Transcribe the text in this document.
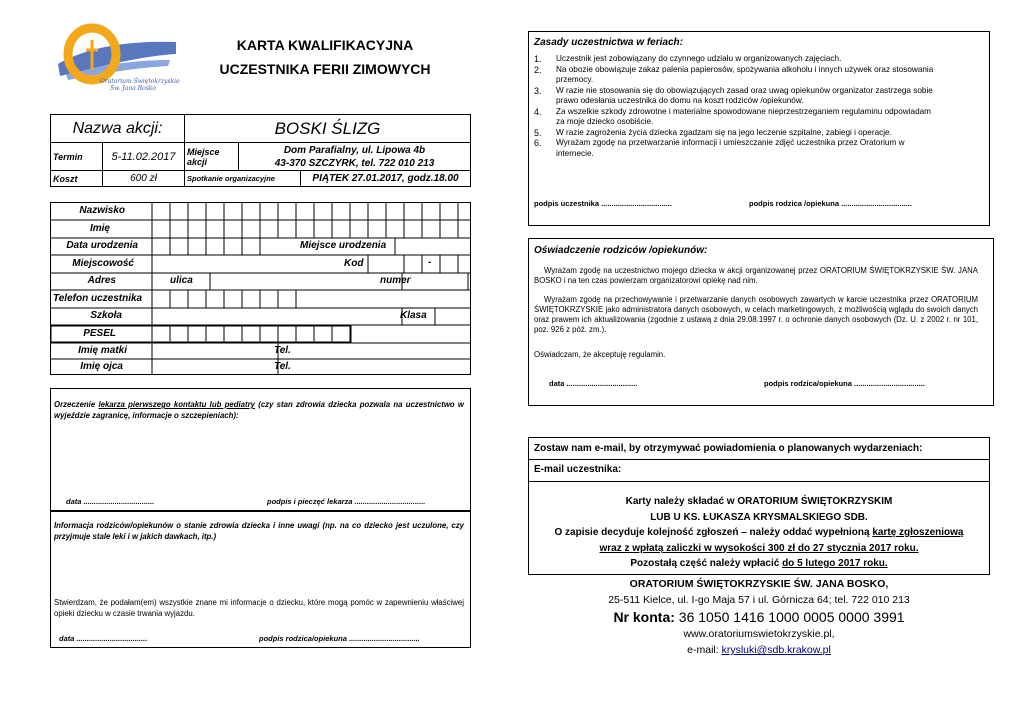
Oratorium Świętokrzyskie
Św. Jana Bosko
KARTA KWALIFIKACYJNA
UCZESTNIKA FERII ZIMOWYCH
Nazwa akcji:		BOSKI ŚLIZG		
Termin	5-11.02.2017	Miejsce akcji	Dom Parafialny, ul. Lipowa 4b
43-370 SZCZYRK, tel. 722 010 213	

Koszt	600 zł	Spotkanie organizacyjne		PIĄTEK 27.01.2017, godz.18.00
Nazwisko
Imię
Data urodzenia	Miejsce urodzenia
Miejscowość	Kod	-
Adres	ulica	numer
Telefon uczestnika
Szkoła	Klasa
PESEL
Imię matki	Tel.
Imię ojca	Tel.
Orzeczenie lekarza pierwszego kontaktu lub pediatry (czy stan zdrowia dziecka pozwala na uczestnictwo w wyjeździe zagranicę, informacje o szczepieniach):
data ..................................	podpis i pieczęć lekarza ..................................
Informacja rodziców/opiekunów o stanie zdrowia dziecka i inne uwagi (np. na co dziecko jest uczulone, czy przyjmuje stale leki i w jakich dawkach, itp.)
Stwierdzam, że podałam(em) wszystkie znane mi informacje o dziecku, które mogą pomóc w zapewnieniu właściwej opieki dziecku w czasie trwania wyjazdu.
data ..................................	podpis rodzica/opiekuna ..................................
Zasady uczestnictwa w feriach:
1. Uczestnik jest zobowiązany do czynnego udziału w organizowanych zajęciach.
2. Na obozie obowiązuje zakaz palenia papierosów, spożywania alkoholu i innych używek oraz stosowania przemocy.
3. W razie nie stosowania się do obowiązujących zasad oraz uwag opiekunów organizator zastrzega sobie prawo odesłania uczestnika do domu na koszt rodziców /opiekunów.
4. Za wszelkie szkody zdrowotne i materialne spowodowane nieprzestrzeganiem regulaminu odpowiadam za moje dziecko osobiście.
5. W razie zagrożenia życia dziecka zgadzam się na jego leczenie szpitalne, zabiegi i operacje.
6. Wyrażam zgodę na przetwarzanie informacji i umieszczanie zdjęć uczestnika przez Oratorium w internecie.
podpis uczestnika ..................................	podpis rodzica /opiekuna ..................................
Oświadczenie rodziców /opiekunów:
Wyrażam zgodę na uczestnictwo mojego dziecka w akcji organizowanej przez ORATORIUM ŚWIĘTOKRZYSKIE ŚW. JANA BOSKO i na ten czas powierzam organizatorowi opiekę nad nim.
Wyrażam zgodę na przechowywanie i przetwarzanie danych osobowych zawartych w karcie uczestnika przez ORATORIUM ŚWIĘTOKRZYSKIE jako administratora danych osobowych, w celach marketingowych, z możliwością wglądu do swoich danych oraz prawem ich aktualizowania (zgodnie z ustawą z dnia 29.08.1997 r. o ochronie danych osobowych (Dz. U. z 2002 r. nr 101, poz. 926 z póź. zm.).
Oświadczam, że akceptuję regulamin.
data ..................................	podpis rodzica/opiekuna ..................................
Zostaw nam e-mail, by otrzymywać powiadomienia o planowanych wydarzeniach:
E-mail uczestnika:
Karty należy składać w ORATORIUM ŚWIĘTOKRZYSKIM
LUB U KS. ŁUKASZA KRYSMALSKIEGO SDB.
O zapisie decyduje kolejność zgłoszeń – należy oddać wypełnioną kartę zgłoszeniową
wraz z wpłatą zaliczki w wysokości 300 zł do 27 stycznia 2017 roku.
Pozostałą część należy wpłacić do 5 lutego 2017 roku.
ORATORIUM ŚWIĘTOKRZYSKIE ŚW. JANA BOSKO,
25-511 Kielce, ul. I-go Maja 57 i ul. Górnicza 64; tel. 722 010 213
Nr konta: 36 1050 1416 1000 0005 0000 3991
www.oratoriumswietokrzyskie.pl,
e-mail: krysluki@sdb.krakow.pl
